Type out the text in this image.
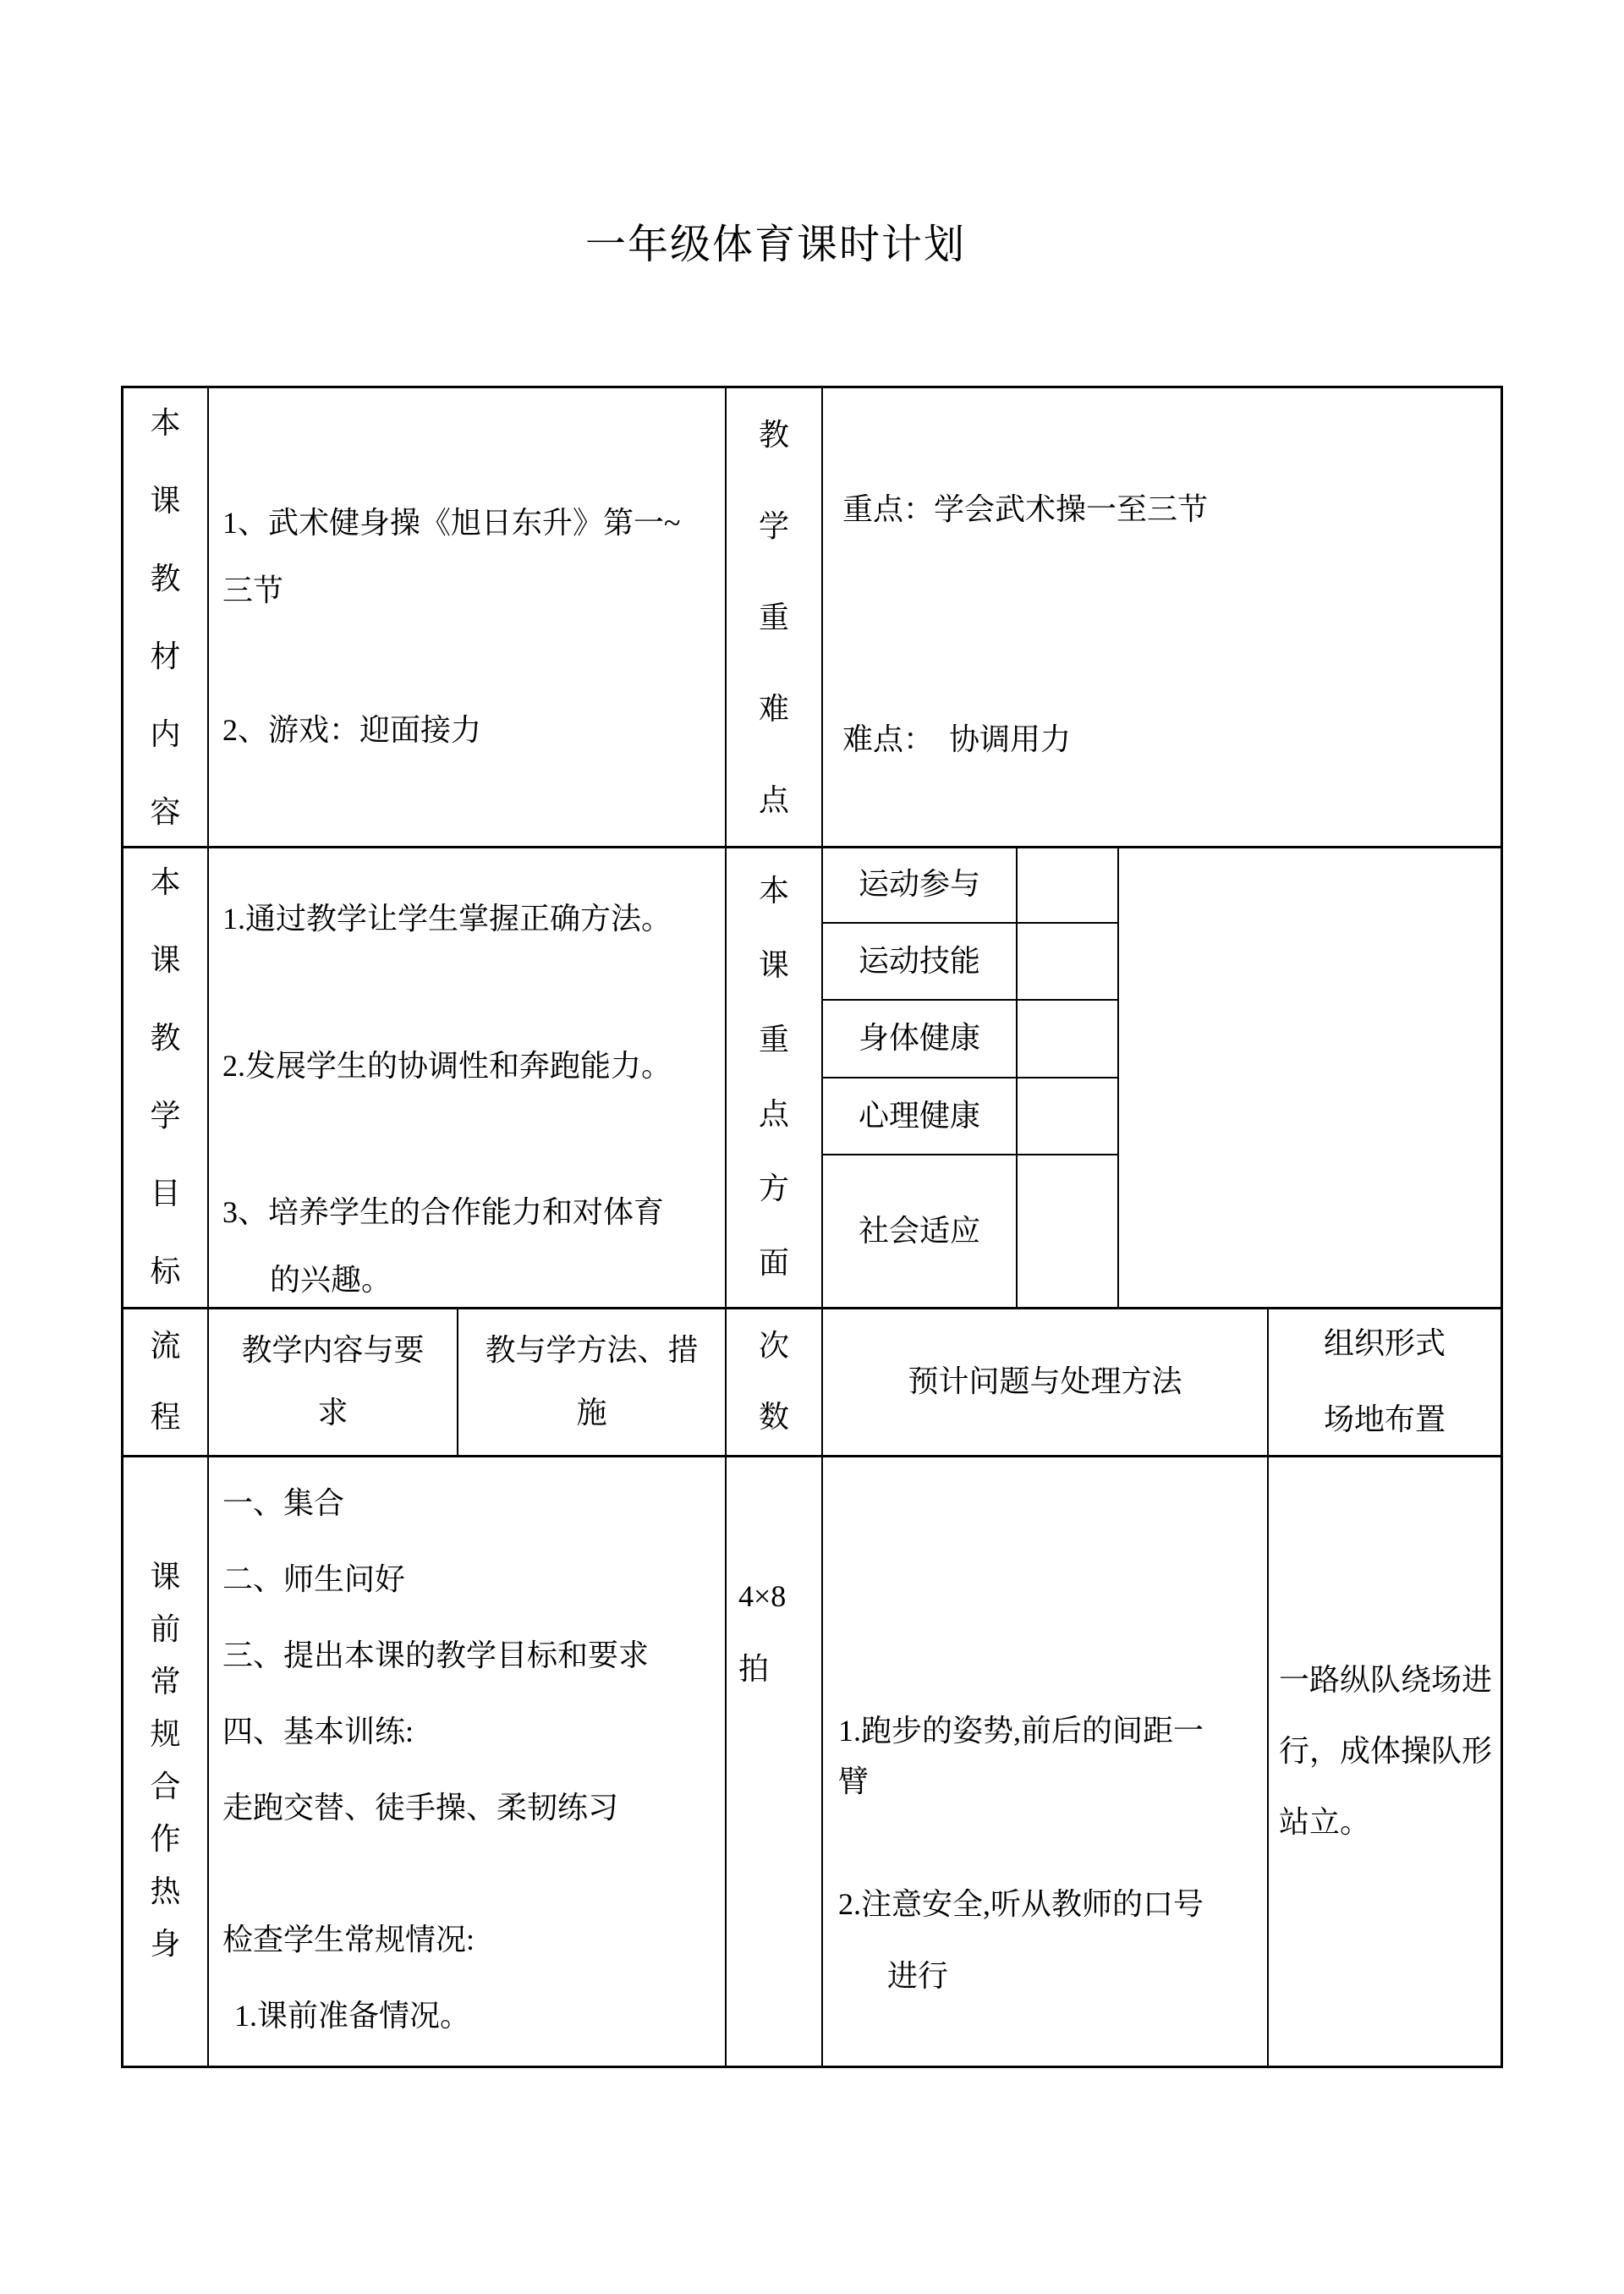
一年级体育课时计划
本
课
教
材
内
容

1、武术健身操《旭日东升》第一~三节

2、游戏：迎面接力

教
学
重
难
点

重点：学会武术操一至三节

难点：　协调用力

本
课
教
学
目
标

1.通过教学让学生掌握正确方法。

2.发展学生的协调性和奔跑能力。

3、培养学生的合作能力和对体育

的兴趣。

本
课
重
点
方
面
运动参与
运动技能
身体健康
心理健康
社会适应
流
程
教学内容与要求
教与学方法、措施
次
数
预计问题与处理方法
组织形式
场地布置
课
前
常
规
合
作
热
身

一、集合

二、师生问好

三、提出本课的教学目标和要求

四、基本训练:

走跑交替、徒手操、柔韧练习

检查学生常规情况:

1.课前准备情况。

4×8拍

1.跑步的姿势,前后的间距一臂

2.注意安全,听从教师的口号

进行

一路纵队绕场进行，成体操队形站立。
